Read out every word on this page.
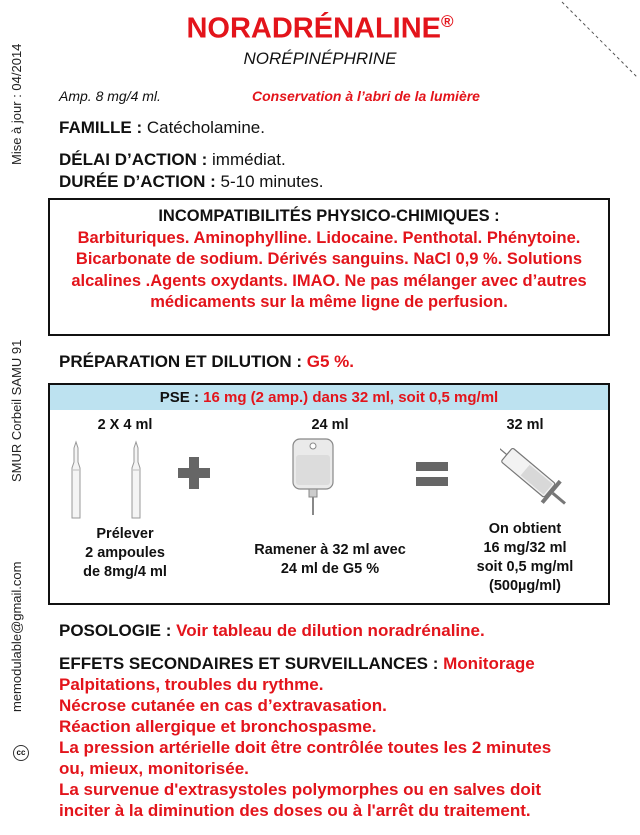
Mise à jour : 04/2014
SMUR Corbeil SAMU 91
memodulable@gmail.com
cc
NORADRÉNALINE®
NORÉPINÉPHRINE
Amp. 8 mg/4 ml.	Conservation à l’abri de la lumière
FAMILLE : Catécholamine.
DÉLAI D’ACTION : immédiat.
DURÉE D’ACTION : 5-10 minutes.
INCOMPATIBILITÉS PHYSICO-CHIMIQUES :
Barbituriques. Aminophylline. Lidocaine. Penthotal. Phénytoine. Bicarbonate de sodium. Dérivés sanguins. NaCl 0,9 %. Solutions alcalines .Agents oxydants. IMAO. Ne pas mélanger avec d’autres médicaments sur la même ligne de perfusion.
PRÉPARATION ET DILUTION : G5 %.
PSE : 16 mg (2 amp.) dans 32 ml, soit 0,5 mg/ml
2 X 4 ml
Prélever
2 ampoules
de 8mg/4 ml
24 ml
Ramener à 32 ml avec
24 ml de G5 %
32 ml
On obtient
16 mg/32 ml
soit 0,5 mg/ml
(500µg/ml)
POSOLOGIE : Voir tableau de dilution noradrénaline.
EFFETS SECONDAIRES ET SURVEILLANCES : Monitorage
Palpitations, troubles du rythme.
Nécrose cutanée en cas d’extravasation.
Réaction allergique et bronchospasme.
La pression artérielle doit être contrôlée toutes les 2 minutes
ou, mieux, monitorisée.
La survenue d'extrasystoles polymorphes ou en salves doit
inciter à la diminution des doses ou à l'arrêt du traitement.
